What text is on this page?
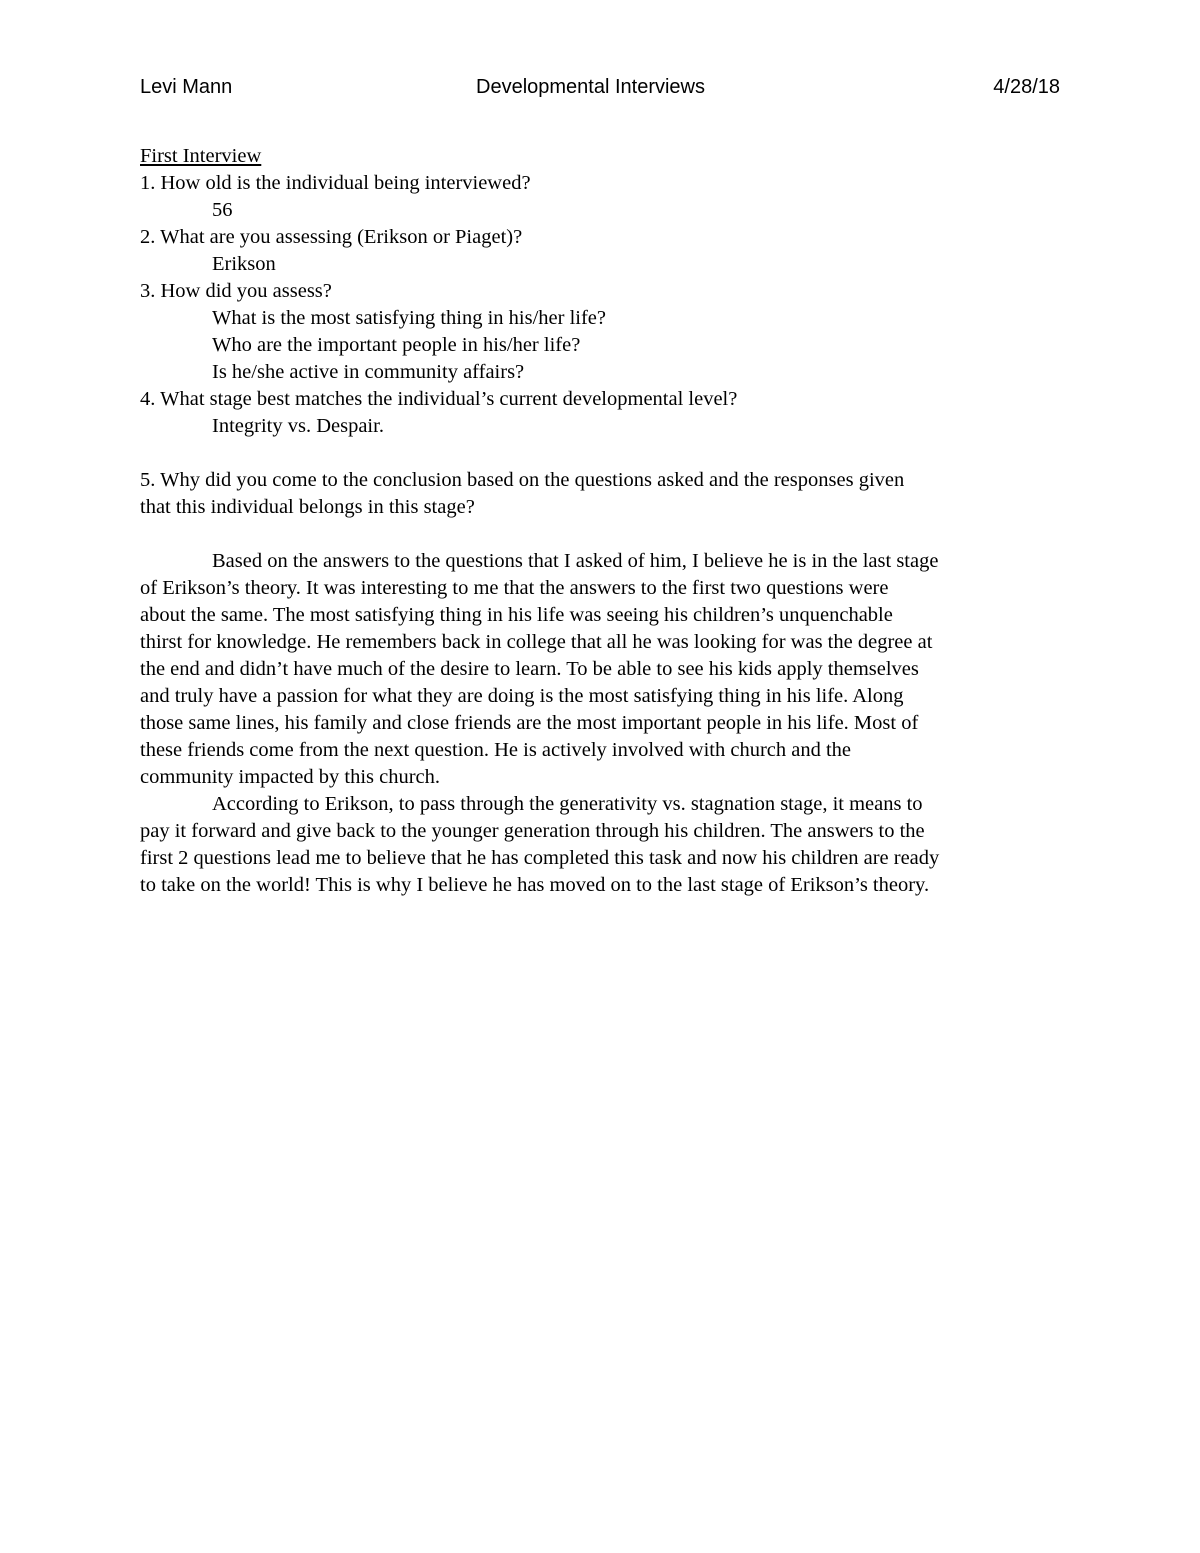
Levi Mann	Developmental Interviews	4/28/18
First Interview
1. How old is the individual being interviewed?
56
2. What are you assessing (Erikson or Piaget)?
Erikson
3. How did you assess?
What is the most satisfying thing in his/her life?
Who are the important people in his/her life?
Is he/she active in community affairs?
4. What stage best matches the individual’s current developmental level?
Integrity vs. Despair.
5. Why did you come to the conclusion based on the questions asked and the responses given
that this individual belongs in this stage?
Based on the answers to the questions that I asked of him, I believe he is in the last stage
of Erikson’s theory. It was interesting to me that the answers to the first two questions were
about the same. The most satisfying thing in his life was seeing his children’s unquenchable
thirst for knowledge. He remembers back in college that all he was looking for was the degree at
the end and didn’t have much of the desire to learn. To be able to see his kids apply themselves
and truly have a passion for what they are doing is the most satisfying thing in his life. Along
those same lines, his family and close friends are the most important people in his life. Most of
these friends come from the next question. He is actively involved with church and the
community impacted by this church.
According to Erikson, to pass through the generativity vs. stagnation stage, it means to
pay it forward and give back to the younger generation through his children. The answers to the
first 2 questions lead me to believe that he has completed this task and now his children are ready
to take on the world! This is why I believe he has moved on to the last stage of Erikson’s theory.
